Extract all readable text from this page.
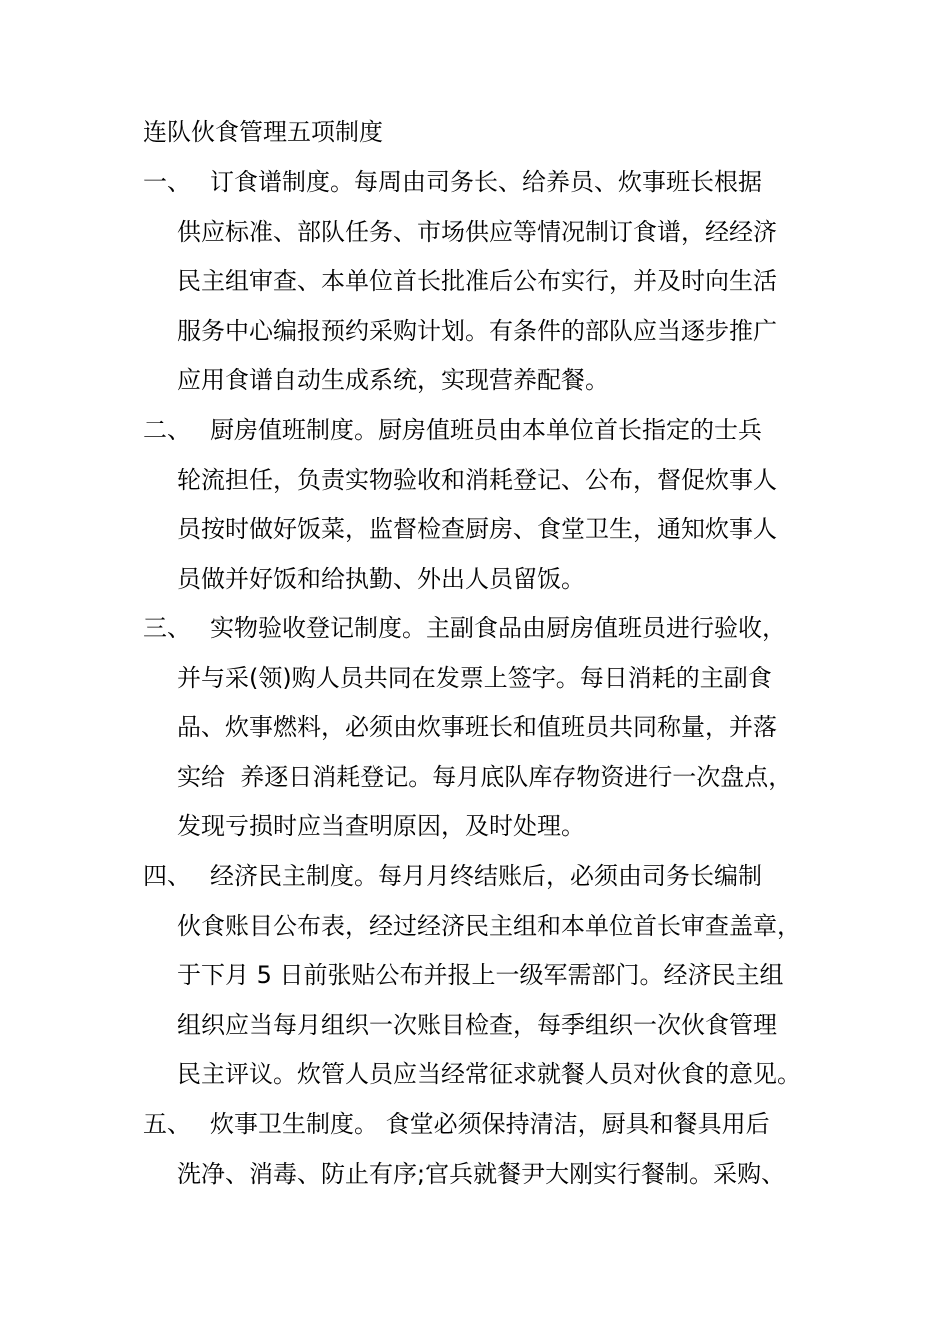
连队伙食管理五项制度
一、 订食谱制度。每周由司务长、给养员、炊事班长根据
供应标准、部队任务、市场供应等情况制订食谱，经经济
民主组审查、本单位首长批准后公布实行，并及时向生活
服务中心编报预约采购计划。有条件的部队应当逐步推广
应用食谱自动生成系统，实现营养配餐。
二、 厨房值班制度。厨房值班员由本单位首长指定的士兵
轮流担任，负责实物验收和消耗登记、公布，督促炊事人
员按时做好饭菜，监督检查厨房、食堂卫生，通知炊事人
员做并好饭和给执勤、外出人员留饭。
三、 实物验收登记制度。主副食品由厨房值班员进行验收，
并与采(领)购人员共同在发票上签字。每日消耗的主副食
品、炊事燃料，必须由炊事班长和值班员共同称量，并落
实给  养逐日消耗登记。每月底队库存物资进行一次盘点，
发现亏损时应当查明原因，及时处理。
四、 经济民主制度。每月月终结账后，必须由司务长编制
伙食账目公布表，经过经济民主组和本单位首长审查盖章，
于下月 5 日前张贴公布并报上一级军需部门。经济民主组
组织应当每月组织一次账目检查，每季组织一次伙食管理
民主评议。炊管人员应当经常征求就餐人员对伙食的意见。
五、 炊事卫生制度。 食堂必须保持清洁，厨具和餐具用后
洗净、消毒、防止有序;官兵就餐尹大刚实行餐制。采购、
